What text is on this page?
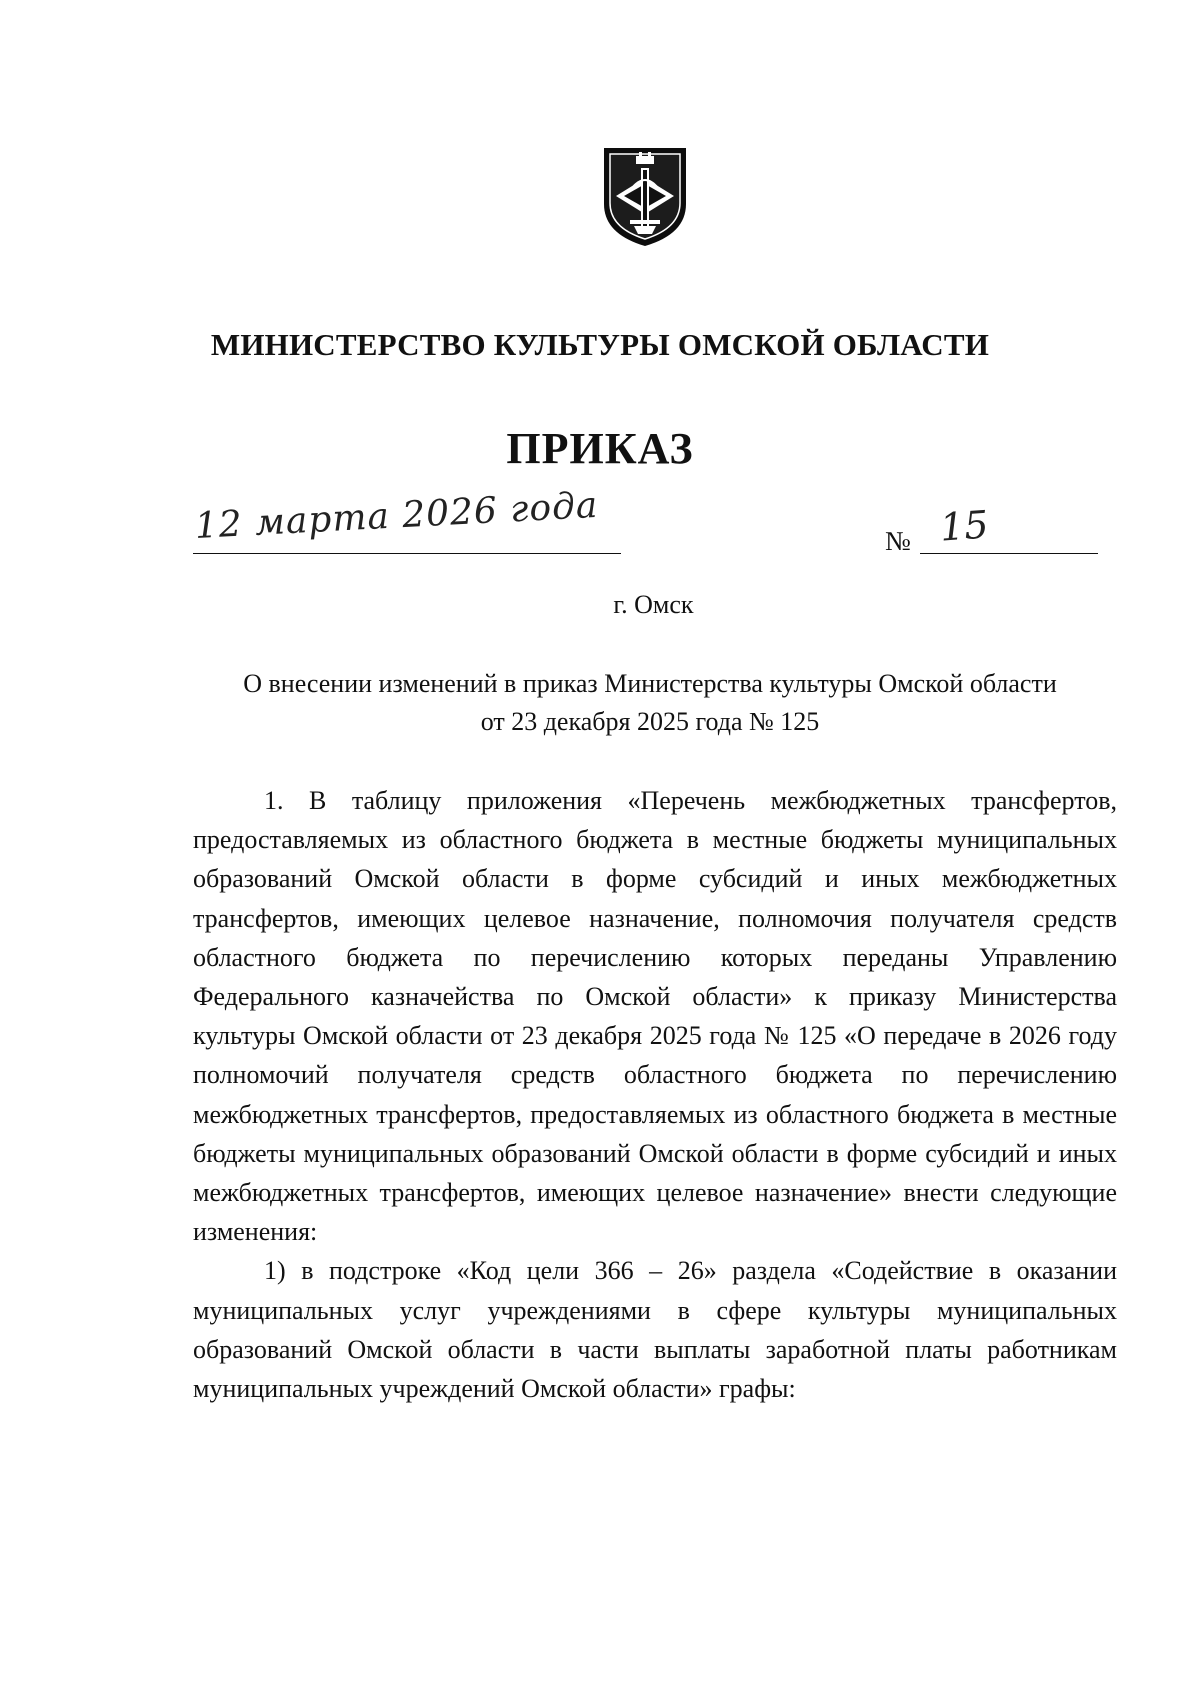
МИНИСТЕРСТВО КУЛЬТУРЫ ОМСКОЙ ОБЛАСТИ
ПРИКАЗ
12 марта 2026 года	№ 15
г. Омск
О внесении изменений в приказ Министерства культуры Омской области
от 23 декабря 2025 года № 125

1. В таблицу приложения «Перечень межбюджетных трансфертов, предоставляемых из областного бюджета в местные бюджеты муниципальных образований Омской области в форме субсидий и иных межбюджетных трансфертов, имеющих целевое назначение, полномочия получателя средств областного бюджета по перечислению которых переданы Управлению Федерального казначейства по Омской области» к приказу Министерства культуры Омской области от 23 декабря 2025 года № 125 «О передаче в 2026 году полномочий получателя средств областного бюджета по перечислению межбюджетных трансфертов, предоставляемых из областного бюджета в местные бюджеты муниципальных образований Омской области в форме субсидий и иных межбюджетных трансфертов, имеющих целевое назначение» внести следующие изменения:

1) в подстроке «Код цели 366 – 26» раздела «Содействие в оказании муниципальных услуг учреждениями в сфере культуры муниципальных образований Омской области в части выплаты заработной платы работникам муниципальных учреждений Омской области» графы:
